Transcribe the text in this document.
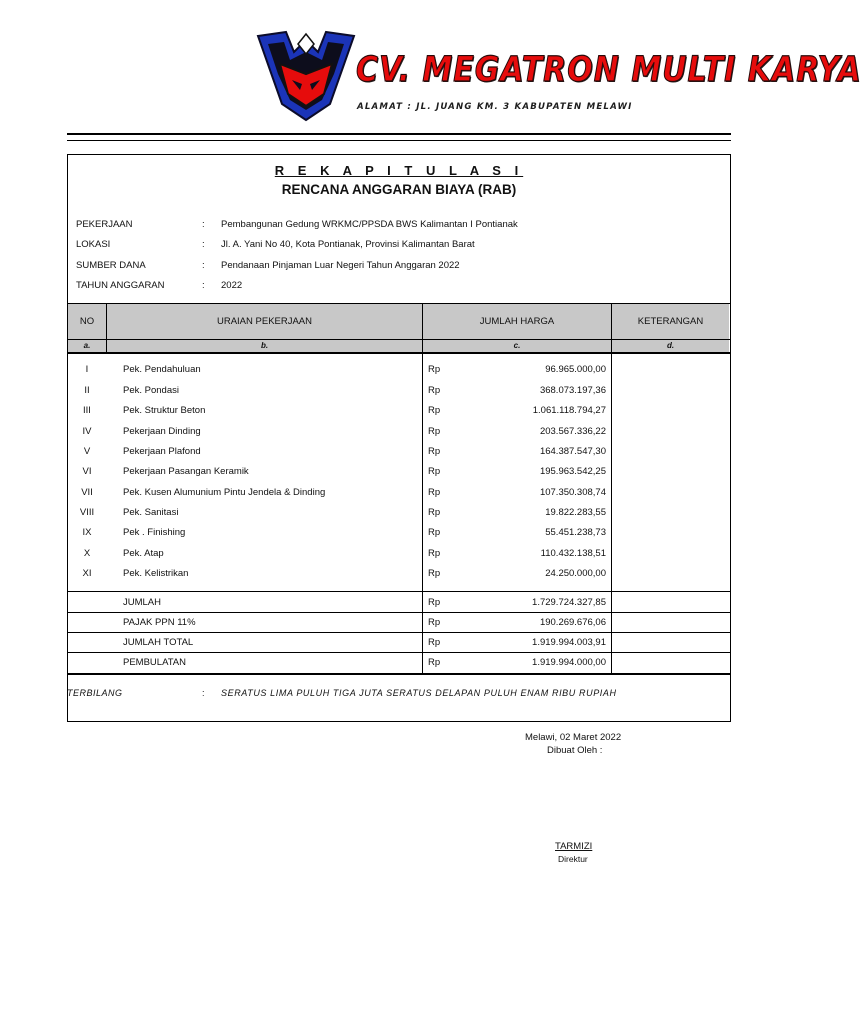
CV. MEGATRON MULTI KARYA
ALAMAT : JL. JUANG KM. 3 KABUPATEN MELAWI
R E K A P I T U L A S I
RENCANA ANGGARAN BIAYA (RAB)
PEKERJAAN	: Pembangunan Gedung WRKMC/PPSDA BWS Kalimantan I Pontianak
LOKASI	: Jl. A. Yani No 40, Kota Pontianak, Provinsi Kalimantan Barat
SUMBER DANA	: Pendanaan Pinjaman Luar Negeri Tahun Anggaran 2022
TAHUN ANGGARAN	: 2022
NO	URAIAN PEKERJAAN	JUMLAH HARGA	KETERANGAN
a.	b.	c.	d.
I	Pek. Pendahuluan	Rp	96.965.000,00
II	Pek. Pondasi	Rp	368.073.197,36
III	Pek. Struktur Beton	Rp	1.061.118.794,27
IV	Pekerjaan Dinding	Rp	203.567.336,22
V	Pekerjaan Plafond	Rp	164.387.547,30
VI	Pekerjaan Pasangan Keramik	Rp	195.963.542,25
VII	Pek. Kusen Alumunium Pintu Jendela & Dinding	Rp	107.350.308,74
VIII	Pek. Sanitasi	Rp	19.822.283,55
IX	Pek . Finishing	Rp	55.451.238,73
X	Pek. Atap	Rp	110.432.138,51
XI	Pek. Kelistrikan	Rp	24.250.000,00
JUMLAH	Rp	1.729.724.327,85
PAJAK PPN 11%	Rp	190.269.676,06
JUMLAH TOTAL	Rp	1.919.994.003,91
PEMBULATAN	Rp	1.919.994.000,00
TERBILANG	: SERATUS LIMA PULUH TIGA JUTA SERATUS DELAPAN PULUH ENAM RIBU RUPIAH
Melawi, 02 Maret 2022
Dibuat Oleh :
TARMIZI
Direktur
